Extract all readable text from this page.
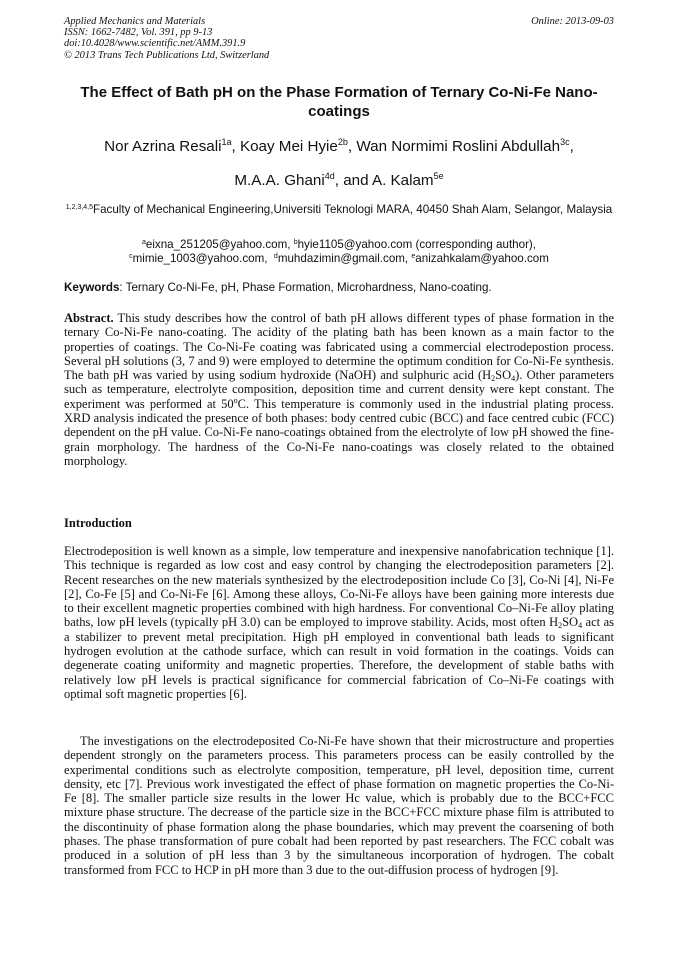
Applied Mechanics and Materials
ISSN: 1662-7482, Vol. 391, pp 9-13
doi:10.4028/www.scientific.net/AMM.391.9
© 2013 Trans Tech Publications Ltd, Switzerland
Online: 2013-09-03
The Effect of Bath pH on the Phase Formation of Ternary Co-Ni-Fe Nano-coatings
Nor Azrina Resali$^{1a}$, Koay Mei Hyie$^{2b}$, Wan Normimi Roslini Abdullah$^{3c}$,
M.A.A. Ghani$^{4d}$, and A. Kalam$^{5e}$
$^{1,2,3,4,5}$Faculty of Mechanical Engineering,Universiti Teknologi MARA, 40450 Shah Alam, Selangor, Malaysia
$^a$eixna_251205@yahoo.com, $^b$hyie1105@yahoo.com (corresponding author),
$^c$mimie_1003@yahoo.com, $^d$muhdazimin@gmail.com, $^e$anizahkalam@yahoo.com
Keywords: Ternary Co-Ni-Fe, pH, Phase Formation, Microhardness, Nano-coating.
Abstract. This study describes how the control of bath pH allows different types of phase formation in the ternary Co-Ni-Fe nano-coating. The acidity of the plating bath has been known as a main factor to the properties of coatings. The Co-Ni-Fe coating was fabricated using a commercial electrodepostion process. Several pH solutions (3, 7 and 9) were employed to determine the optimum condition for Co-Ni-Fe synthesis. The bath pH was varied by using sodium hydroxide (NaOH) and sulphuric acid $(H_2SO_4)$. Other parameters such as temperature, electrolyte composition, deposition time and current density were kept constant. The experiment was performed at 50$^o$C. This temperature is commonly used in the industrial plating process. XRD analysis indicated the presence of both phases: body centred cubic (BCC) and face centred cubic (FCC) dependent on the pH value. Co-Ni-Fe nano-coatings obtained from the electrolyte of low pH showed the fine-grain morphology. The hardness of the Co-Ni-Fe nano-coatings was closely related to the obtained morphology.
Introduction

Electrodeposition is well known as a simple, low temperature and inexpensive nanofabrication technique [1]. This technique is regarded as low cost and easy control by changing the electrodeposition parameters [2]. Recent researches on the new materials synthesized by the electrodeposition include Co [3], Co-Ni [4], Ni-Fe [2], Co-Fe [5] and Co-Ni-Fe [6]. Among these alloys, Co-Ni-Fe alloys have been gaining more interests due to their excellent magnetic properties combined with high hardness. For conventional Co–Ni-Fe alloy plating baths, low pH levels (typically pH 3.0) can be employed to improve stability. Acids, most often $H_2SO_4$ act as a stabilizer to prevent metal precipitation. High pH employed in conventional bath leads to significant hydrogen evolution at the cathode surface, which can result in void formation in the coatings. Voids can degenerate coating uniformity and magnetic properties. Therefore, the development of stable baths with relatively low pH levels is practical significance for commercial fabrication of Co–Ni-Fe coatings with optimal soft magnetic properties [6].

The investigations on the electrodeposited Co-Ni-Fe have shown that their microstructure and properties dependent strongly on the parameters process. This parameters process can be easily controlled by the experimental conditions such as electrolyte composition, temperature, pH level, deposition time, current density, etc [7]. Previous work investigated the effect of phase formation on magnetic properties the Co-Ni-Fe [8]. The smaller particle size results in the lower Hc value, which is probably due to the BCC+FCC mixture phase structure. The decrease of the particle size in the BCC+FCC mixture phase film is attributed to the discontinuity of phase formation along the phase boundaries, which may prevent the coarsening of both phases. The phase transformation of pure cobalt had been reported by past researchers. The FCC cobalt was produced in a solution of pH less than 3 by the simultaneous incorporation of hydrogen. The cobalt transformed from FCC to HCP in pH more than 3 due to the out-diffusion process of hydrogen [9].
